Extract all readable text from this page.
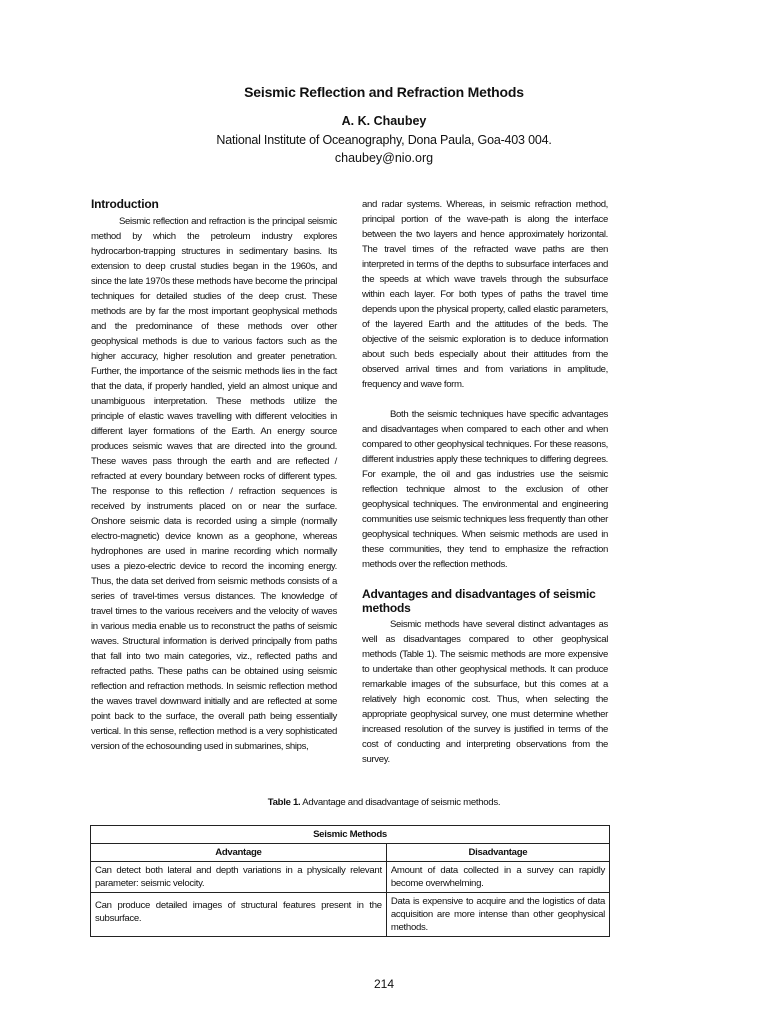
Seismic Reflection and Refraction Methods
A. K. Chaubey
National Institute of Oceanography, Dona Paula, Goa-403 004.
chaubey@nio.org
Introduction

Seismic reflection and refraction is the principal seismic method by which the petroleum industry explores hydrocarbon-trapping structures in sedimentary basins. Its extension to deep crustal studies began in the 1960s, and since the late 1970s these methods have become the principal techniques for detailed studies of the deep crust. These methods are by far the most important geophysical methods and the predominance of these methods over other geophysical methods is due to various factors such as the higher accuracy, higher resolution and greater penetration. Further, the importance of the seismic methods lies in the fact that the data, if properly handled, yield an almost unique and unambiguous interpretation. These methods utilize the principle of elastic waves travelling with different velocities in different layer formations of the Earth. An energy source produces seismic waves that are directed into the ground. These waves pass through the earth and are reflected / refracted at every boundary between rocks of different types. The response to this reflection / refraction sequences is received by instruments placed on or near the surface. Onshore seismic data is recorded using a simple (normally electro-magnetic) device known as a geophone, whereas hydrophones are used in marine recording which normally uses a piezo-electric device to record the incoming energy. Thus, the data set derived from seismic methods consists of a series of travel-times versus distances. The knowledge of travel times to the various receivers and the velocity of waves in various media enable us to reconstruct the paths of seismic waves. Structural information is derived principally from paths that fall into two main categories, viz., reflected paths and refracted paths. These paths can be obtained using seismic reflection and refraction methods. In seismic reflection method the waves travel downward initially and are reflected at some point back to the surface, the overall path being essentially vertical. In this sense, reflection method is a very sophisticated version of the echosounding used in submarines, ships,

and radar systems. Whereas, in seismic refraction method, principal portion of the wave-path is along the interface between the two layers and hence approximately horizontal. The travel times of the refracted wave paths are then interpreted in terms of the depths to subsurface interfaces and the speeds at which wave travels through the subsurface within each layer. For both types of paths the travel time depends upon the physical property, called elastic parameters, of the layered Earth and the attitudes of the beds. The objective of the seismic exploration is to deduce information about such beds especially about their attitudes from the observed arrival times and from variations in amplitude, frequency and wave form.

Both the seismic techniques have specific advantages and disadvantages when compared to each other and when compared to other geophysical techniques. For these reasons, different industries apply these techniques to differing degrees. For example, the oil and gas industries use the seismic reflection technique almost to the exclusion of other geophysical techniques. The environmental and engineering communities use seismic techniques less frequently than other geophysical techniques. When seismic methods are used in these communities, they tend to emphasize the refraction methods over the reflection methods.

Advantages and disadvantages of seismic methods

Seismic methods have several distinct advantages as well as disadvantages compared to other geophysical methods (Table 1). The seismic methods are more expensive to undertake than other geophysical methods. It can produce remarkable images of the subsurface, but this comes at a relatively high economic cost. Thus, when selecting the appropriate geophysical survey, one must determine whether increased resolution of the survey is justified in terms of the cost of conducting and interpreting observations from the survey.

Table 1. Advantage and disadvantage of seismic methods.
Seismic Methods	
Advantage	Disadvantage
Can detect both lateral and depth variations in a physically relevant parameter: seismic velocity.	Amount of data collected in a survey can rapidly become overwhelming.
Can produce detailed images of structural features present in the subsurface.	Data is expensive to acquire and the logistics of data acquisition are more intense than other geophysical methods.
214
